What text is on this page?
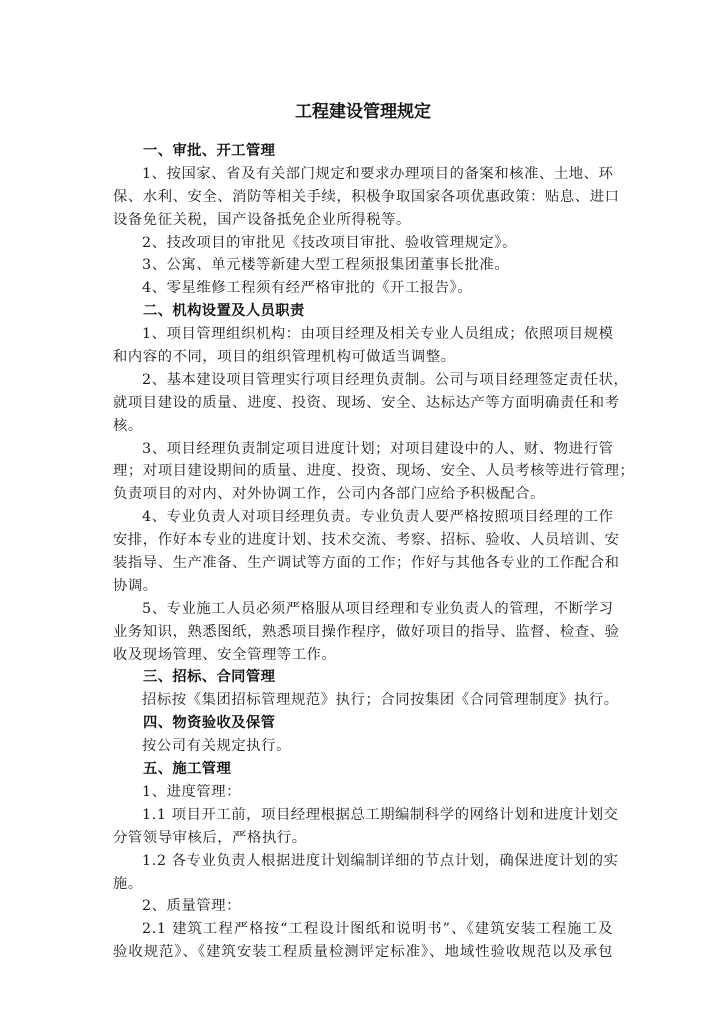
工程建设管理规定
一、审批、开工管理
1、按国家、省及有关部门规定和要求办理项目的备案和核准、土地、环
保、水利、安全、消防等相关手续，积极争取国家各项优惠政策：贴息、进口
设备免征关税，国产设备抵免企业所得税等。
2、技改项目的审批见《技改项目审批、验收管理规定》。
3、公寓、单元楼等新建大型工程须报集团董事长批准。
4、零星维修工程须有经严格审批的《开工报告》。
二、机构设置及人员职责
1、项目管理组织机构：由项目经理及相关专业人员组成；依照项目规模
和内容的不同，项目的组织管理机构可做适当调整。
2、基本建设项目管理实行项目经理负责制。公司与项目经理签定责任状，
就项目建设的质量、进度、投资、现场、安全、达标达产等方面明确责任和考
核。
3、项目经理负责制定项目进度计划；对项目建设中的人、财、物进行管
理；对项目建设期间的质量、进度、投资、现场、安全、人员考核等进行管理；
负责项目的对内、对外协调工作，公司内各部门应给予积极配合。
4、专业负责人对项目经理负责。专业负责人要严格按照项目经理的工作
安排，作好本专业的进度计划、技术交流、考察、招标、验收、人员培训、安
装指导、生产准备、生产调试等方面的工作；作好与其他各专业的工作配合和
协调。
5、专业施工人员必须严格服从项目经理和专业负责人的管理，不断学习
业务知识，熟悉图纸，熟悉项目操作程序，做好项目的指导、监督、检查、验
收及现场管理、安全管理等工作。
三、招标、合同管理
招标按《集团招标管理规范》执行；合同按集团《合同管理制度》执行。
四、物资验收及保管
按公司有关规定执行。
五、施工管理
1、进度管理：
1.1 项目开工前，项目经理根据总工期编制科学的网络计划和进度计划交
分管领导审核后，严格执行。
1.2 各专业负责人根据进度计划编制详细的节点计划，确保进度计划的实
施。
2、质量管理：
2.1 建筑工程严格按“工程设计图纸和说明书”、《建筑安装工程施工及
验收规范》、《建筑安装工程质量检测评定标准》、地域性验收规范以及承包
